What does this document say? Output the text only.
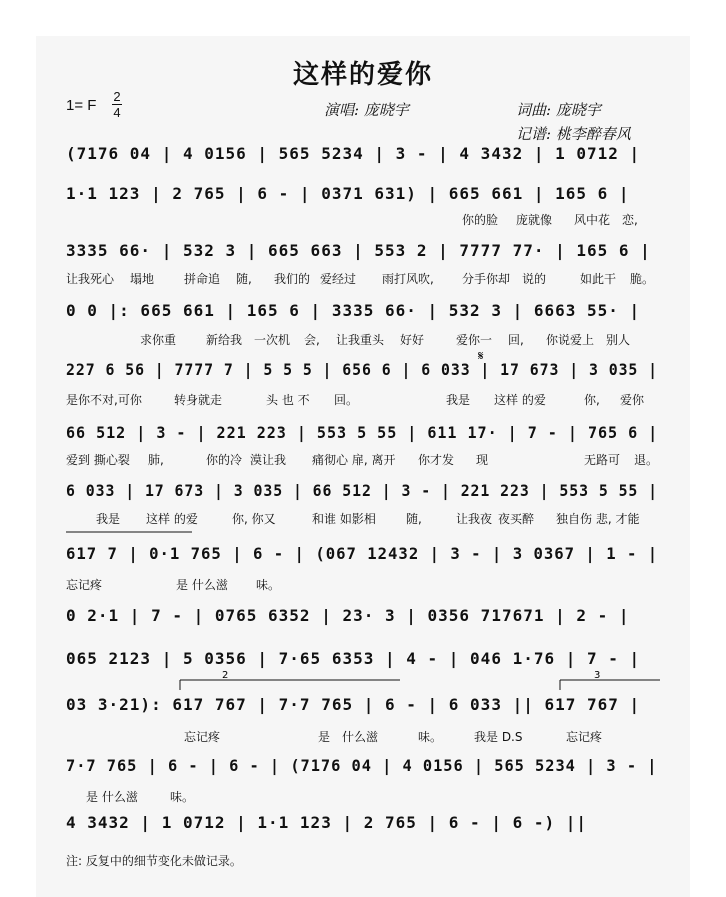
这样的爱你
1= F
2
4	演唱: 庞晓宇	词曲: 庞晓宇
记谱: 桃李醉春风
(7176 04 | 4 0156 | 565 5234 | 3 - | 4 3432 | 1 0712 |
1·1 123 | 2 765 | 6 - | 0371 631) | 665 661 | 165 6 |
3335 66· | 532 3 | 665 663 | 553 2 | 7777 77· | 165 6 |
0 0 |: 665 661 | 165 6 | 3335 66· | 532 3 | 6663 55· |
227 6 56 | 7777 7 | 5 5 5 | 656 6 | 6 033 | 17 673 | 3 035 |
66 512 | 3 - | 221 223 | 553 5 55 | 611 17· | 7 - | 765 6 |
6 033 | 17 673 | 3 035 | 66 512 | 3 - | 221 223 | 553 5 55 |
617 7 | 0·1 765 | 6 - | (067 12432 | 3 - | 3 0367 | 1 - |
0 2·1 | 7 - | 0765 6352 | 23· 3 | 0356 717671 | 2 - |
065 2123 | 5 0356 | 7·65 6353 | 4 - | 046 1·76 | 7 - |
03 3·21): 617 767 | 7·7 765 | 6 - | 6 033 || 617 767 |
7·7 765 | 6 - | 6 - | (7176 04 | 4 0156 | 565 5234 | 3 - |
4 3432 | 1 0712 | 1·1 123 | 2 765 | 6 - | 6 -) ||
你的脸 庞就像 风中花 恋,
让我死心 塌地 拼命追 随, 我们的 爱经过 雨打风 吹, 分手你却 说的	如此干 脆。
求你重 新给我 一次机 会, 让我重头 好好	爱你一 回, 你说爱上 别人
是你不对,可你	转身就走	头 也 不 回。	我是 这样 的爱	你, 爱你
爱到 撕心裂 肺,	你的冷 漠让我 痛彻心 扉, 离开 你才发 现	无路可 退。
我是 这样 的爱	你, 你又	和谁 如影相	随,	让我夜 夜买醉 独自伤 悲, 才能
忘记疼	是 什么滋 味。
忘记疼	是 什么滋	味。	我是 D.S	忘记疼
是 什么滋	味。
注: 反复中的细节变化未做记录。
𝄋
2	3
